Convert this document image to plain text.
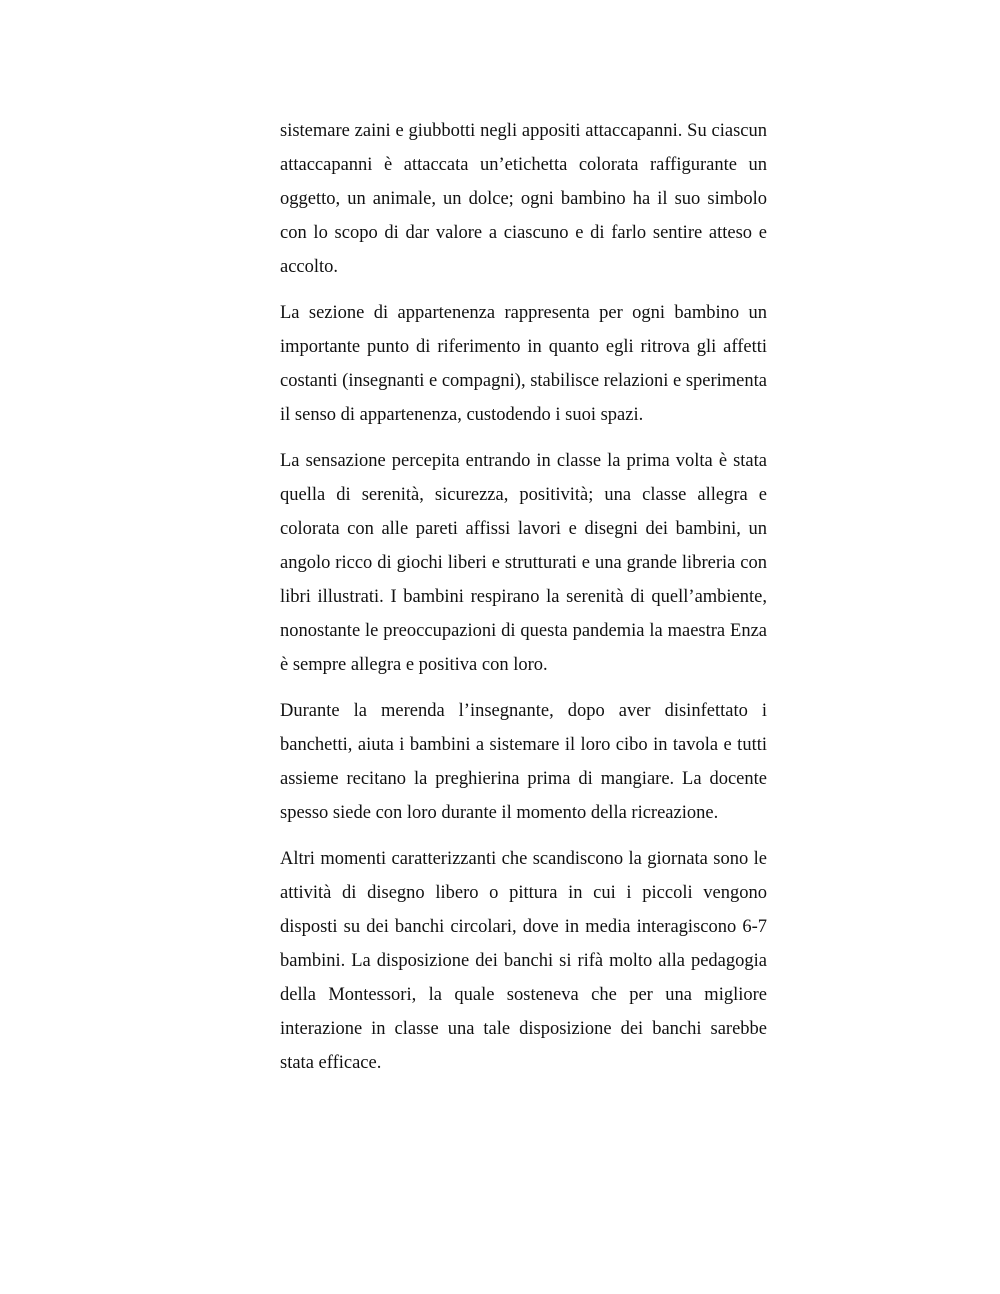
sistemare zaini e giubbotti negli appositi attaccapanni. Su ciascun attaccapanni è attaccata un’etichetta colorata raffigurante un oggetto, un animale, un dolce; ogni bambino ha il suo simbolo con lo scopo di dar valore a ciascuno e di farlo sentire atteso e accolto.

La sezione di appartenenza rappresenta per ogni bambino un importante punto di riferimento in quanto egli ritrova gli affetti costanti (insegnanti e compagni), stabilisce relazioni e sperimenta il senso di appartenenza, custodendo i suoi spazi.

La sensazione percepita entrando in classe la prima volta è stata quella di serenità, sicurezza, positività; una classe allegra e colorata con alle pareti affissi lavori e disegni dei bambini, un angolo ricco di giochi liberi e strutturati e una grande libreria con libri illustrati. I bambini respirano la serenità di quell’ambiente, nonostante le preoccupazioni di questa pandemia la maestra Enza è sempre allegra e positiva con loro.

Durante la merenda l’insegnante, dopo aver disinfettato i banchetti, aiuta i bambini a sistemare il loro cibo in tavola e tutti assieme recitano la preghierina prima di mangiare. La docente spesso siede con loro durante il momento della ricreazione.

Altri momenti caratterizzanti che scandiscono la giornata sono le attività di disegno libero o pittura in cui i piccoli vengono disposti su dei banchi circolari, dove in media interagiscono 6-7 bambini. La disposizione dei banchi si rifà molto alla pedagogia della Montessori, la quale sosteneva che per una migliore interazione in classe una tale disposizione dei banchi sarebbe stata efficace.
